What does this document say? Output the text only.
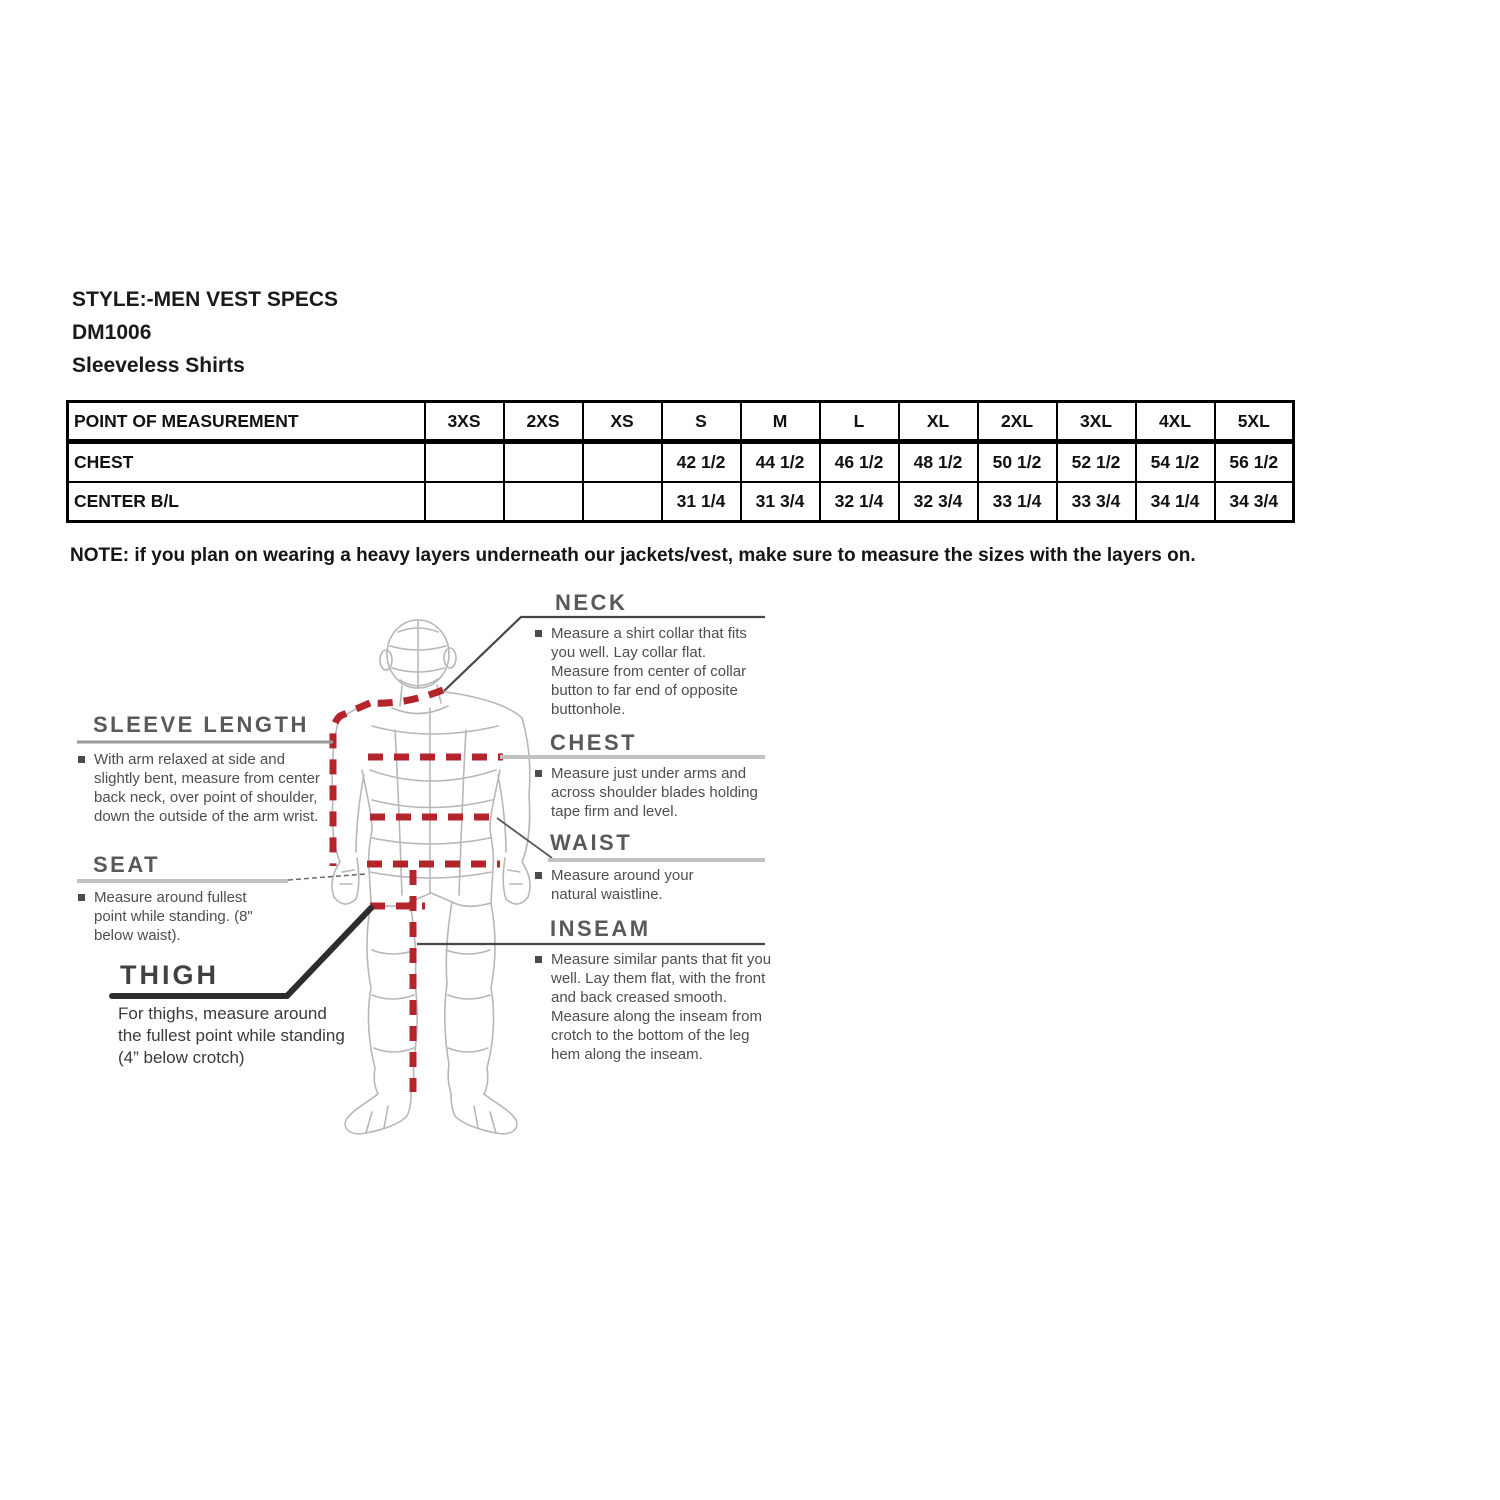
STYLE:-MEN VEST SPECS
DM1006
Sleeveless Shirts
POINT OF MEASUREMENT	3XS	2XS	XS	S	M	L	XL	2XL	3XL	4XL	5XL
CHEST				42 1/2	44 1/2	46 1/2	48 1/2	50 1/2	52 1/2	54 1/2	56 1/2
CENTER B/L				31 1/4	31 3/4	32 1/4	32 3/4	33 1/4	33 3/4	34 1/4	34 3/4
NOTE: if you plan on wearing a heavy layers underneath our jackets/vest, make sure to measure the sizes with the layers on.
NECK

Measure a shirt collar that fits you well. Lay collar flat. Measure from center of collar button to far end of opposite buttonhole.

SLEEVE LENGTH

With arm relaxed at side and slightly bent, measure from center back neck, over point of shoulder, down the outside of the arm wrist.

CHEST

Measure just under arms and across shoulder blades holding tape firm and level.

WAIST

Measure around your natural waistline.

SEAT

Measure around fullest point while standing. (8" below waist).

THIGH

For thighs, measure around the fullest point while standing (4” below crotch)

INSEAM

Measure similar pants that fit you well. Lay them flat, with the front and back creased smooth. Measure along the inseam from crotch to the bottom of the leg hem along the inseam.
